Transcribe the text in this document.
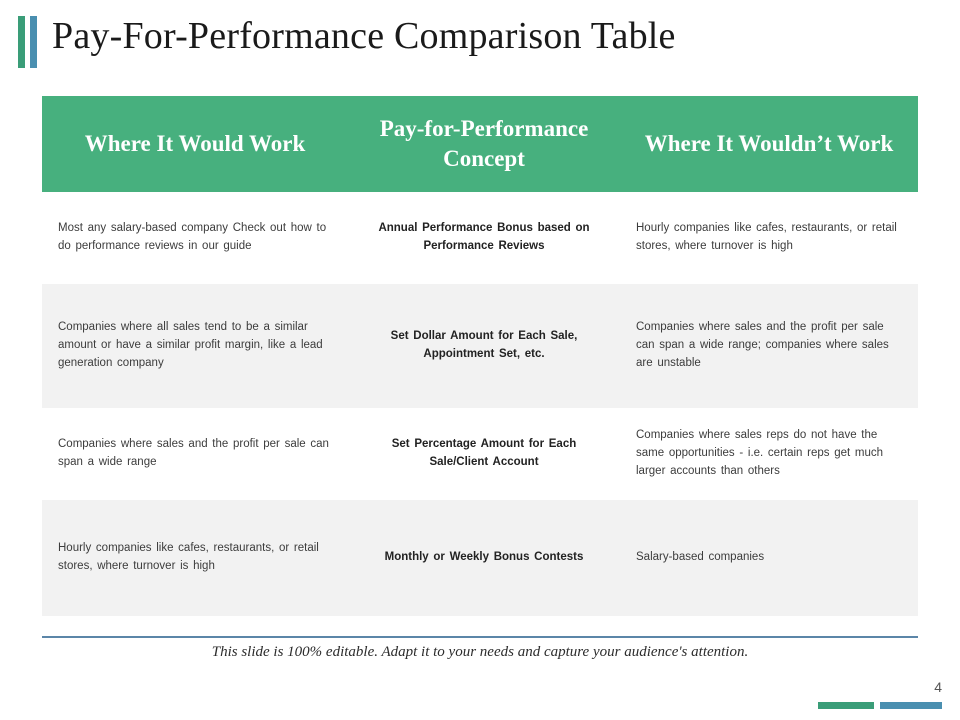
Pay-For-Performance Comparison Table
Where It Would Work
Pay-for-Performance Concept
Where It Wouldn’t Work
Most any salary-based company Check out how to do performance reviews in our guide
Annual Performance Bonus based on Performance Reviews
Hourly companies like cafes, restaurants, or retail stores, where turnover is high
Companies where all sales tend to be a similar amount or have a similar profit margin, like a lead generation company
Set Dollar Amount for Each Sale, Appointment Set, etc.
Companies where sales and the profit per sale can span a wide range; companies where sales are unstable
Companies where sales and the profit per sale can span a wide range
Set Percentage Amount for Each Sale/Client Account
Companies where sales reps do not have the same opportunities - i.e. certain reps get much larger accounts than others
Hourly companies like cafes, restaurants, or retail stores, where turnover is high
Monthly or Weekly Bonus Contests	Salary-based companies
This slide is 100% editable. Adapt it to your needs and capture your audience's attention.
4
